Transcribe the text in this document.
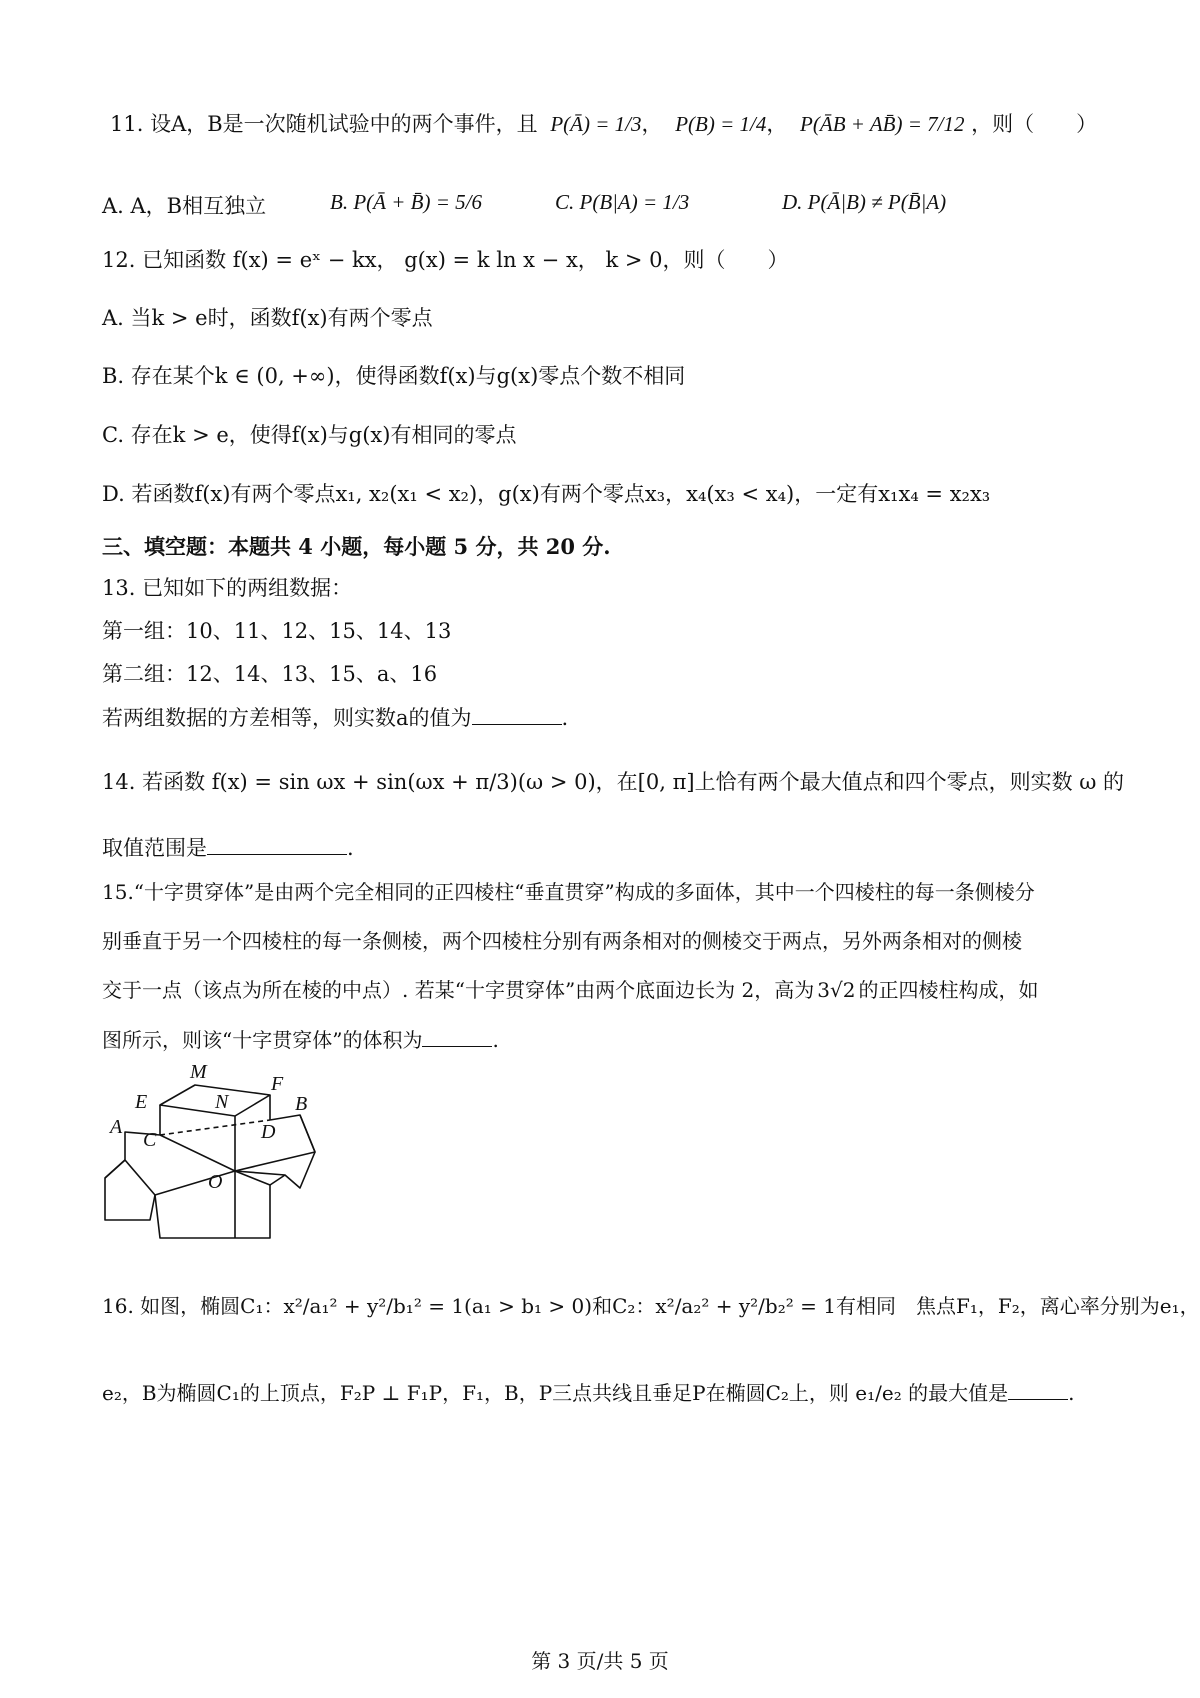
11. 设A，B是一次随机试验中的两个事件，且 P(Ā) = 1/3， P(B) = 1/4， P(ĀB + AB̄) = 7/12 ，则（　　）
A. A，B相互独立	B. P(Ā + B̄) = 5/6	C. P(B|A) = 1/3	D. P(Ā|B) ≠ P(B̄|A)
12. 已知函数 f(x) = eˣ − kx， g(x) = k ln x − x， k > 0，则（　　）
A. 当k > e时，函数f(x)有两个零点
B. 存在某个k ∈ (0, +∞)，使得函数f(x)与g(x)零点个数不相同
C. 存在k > e，使得f(x)与g(x)有相同的零点
D. 若函数f(x)有两个零点x₁, x₂(x₁ < x₂)，g(x)有两个零点x₃，x₄(x₃ < x₄)，一定有x₁x₄ = x₂x₃
三、填空题：本题共 4 小题，每小题 5 分，共 20 分.
13. 已知如下的两组数据：
第一组：10、11、12、15、14、13
第二组：12、14、13、15、a、16
若两组数据的方差相等，则实数a的值为	.
14. 若函数 f(x) = sin ωx + sin(ωx + π/3)(ω > 0)，在[0, π]上恰有两个最大值点和四个零点，则实数 ω 的
取值范围是	.
15.“十字贯穿体”是由两个完全相同的正四棱柱“垂直贯穿”构成的多面体，其中一个四棱柱的每一条侧棱分
别垂直于另一个四棱柱的每一条侧棱，两个四棱柱分别有两条相对的侧棱交于两点，另外两条相对的侧棱
交于一点（该点为所在棱的中点）. 若某“十字贯穿体”由两个底面边长为 2，高为 3√2 的正四棱柱构成，如
图所示，则该“十字贯穿体”的体积为	.
M
E	N
F
B
A
C	D
O
16. 如图，椭圆C₁：x²/a₁² + y²/b₁² = 1(a₁ > b₁ > 0)和C₂：x²/a₂² + y²/b₂² = 1有相同　焦点F₁，F₂，离心率分别为e₁，
e₂，B为椭圆C₁的上顶点，F₂P ⊥ F₁P，F₁，B，P三点共线且垂足P在椭圆C₂上，则 e₁/e₂ 的最大值是	.
第 3 页/共 5 页
